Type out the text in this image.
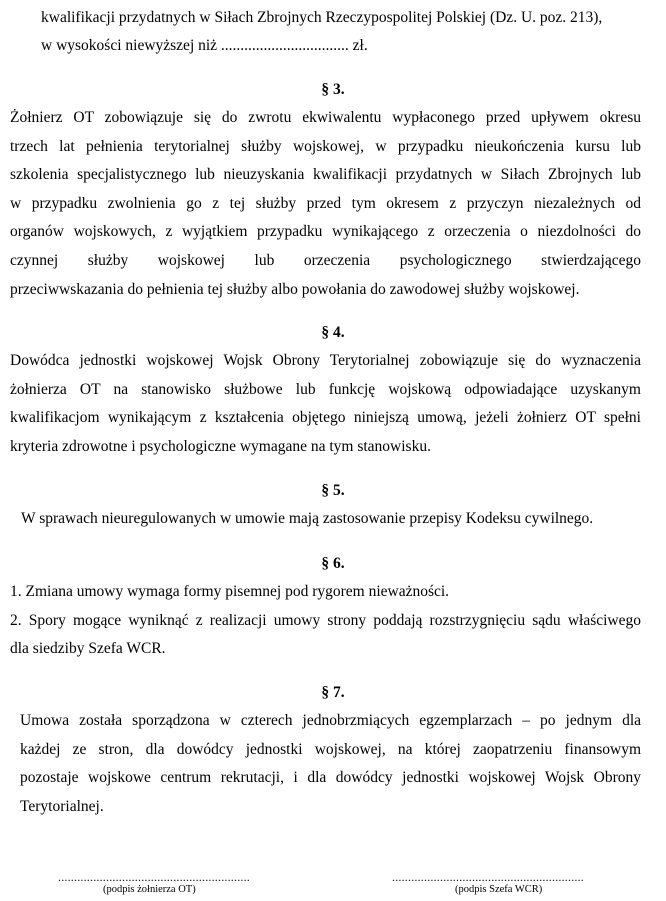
kwalifikacji przydatnych w Siłach Zbrojnych Rzeczypospolitej Polskiej (Dz. U. poz. 213),
w wysokości niewyższej niż ................................. zł.
§ 3.
Żołnierz OT zobowiązuje się do zwrotu ekwiwalentu wypłaconego przed upływem okresu
trzech lat pełnienia terytorialnej służby wojskowej, w przypadku nieukończenia kursu lub
szkolenia specjalistycznego lub nieuzyskania kwalifikacji przydatnych w Siłach Zbrojnych lub
w przypadku zwolnienia go z tej służby przed tym okresem z przyczyn niezależnych od
organów wojskowych, z wyjątkiem przypadku wynikającego z orzeczenia o niezdolności do
czynnej służby wojskowej lub orzeczenia psychologicznego stwierdzającego
przeciwwskazania do pełnienia tej służby albo powołania do zawodowej służby wojskowej.
§ 4.
Dowódca jednostki wojskowej Wojsk Obrony Terytorialnej zobowiązuje się do wyznaczenia
żołnierza OT na stanowisko służbowe lub funkcję wojskową odpowiadające uzyskanym
kwalifikacjom wynikającym z kształcenia objętego niniejszą umową, jeżeli żołnierz OT spełni
kryteria zdrowotne i psychologiczne wymagane na tym stanowisku.
§ 5.
W sprawach nieuregulowanych w umowie mają zastosowanie przepisy Kodeksu cywilnego.
§ 6.
1. Zmiana umowy wymaga formy pisemnej pod rygorem nieważności.
2. Spory mogące wyniknąć z realizacji umowy strony poddają rozstrzygnięciu sądu właściwego
dla siedziby Szefa WCR.
§ 7.
Umowa została sporządzona w czterech jednobrzmiących egzemplarzach – po jednym dla
każdej ze stron, dla dowódcy jednostki wojskowej, na której zaopatrzeniu finansowym
pozostaje wojskowe centrum rekrutacji, i dla dowódcy jednostki wojskowej Wojsk Obrony
Terytorialnej.
............................................................
(podpis żołnierza OT)
............................................................
(podpis Szefa WCR)
